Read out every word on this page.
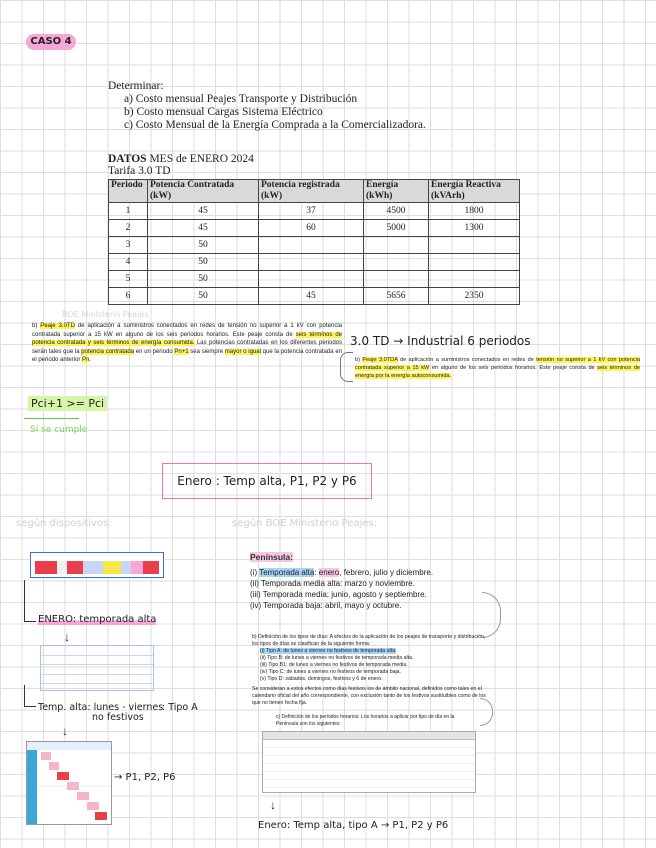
CASO 4
Determinar:
a) Costo mensual Peajes Transporte y Distribución
b) Costo mensual Cargas Sistema Eléctrico
c) Costo Mensual de la Energía Comprada a la Comercializadora.
DATOS MES de ENERO 2024
Tarifa 3.0 TD
Periodo	Potencia Contratada (kW)	Potencia registrada (kW)	Energía (kWh)	Energía Reactiva (kVArh)
1	45	37	4500	1800
2	45	60	5000	1300
3	50			
4	50			
5	50			
6	50	45	5656	2350
BOE Ministerio Peajes
b) Peaje 3.0TD de aplicación a suministros conectados en redes de tensión no superior a 1 kV con potencia contratada superior a 15 kW en alguno de los seis periodos horarios. Este peaje consta de seis términos de potencia contratada y seis términos de energía consumida. Las potencias contratadas en los diferentes periodos serán tales que la potencia contratada en un periodo Pn+1 sea siempre mayor o igual que la potencia contratada en el periodo anterior Pn.
3.0 TD → Industrial 6 periodos
b) Peaje 3.0TDA de aplicación a suministros conectados en redes de tensión no superior a 1 kV con potencia contratada superior a 15 kW en alguno de los seis periodos horarios. Este peaje consta de seis términos de energía por la energía autoconsumida.
Pci+1 >= Pci
Sí se cumple
Enero : Temp alta, P1, P2 y P6
según dispositivos:	según BOE Ministerio Peajes:
ENERO: temporada alta
↓
Temp. alta: lunes - viernes
no festivos
: Tipo A
↓
→ P1, P2, P6
Península:
(i) Temporada alta: enero, febrero, julio y diciembre.
(ii) Temporada media alta: marzo y noviembre.
(iii) Temporada media: junio, agosto y septiembre.
(iv) Temporada baja: abril, mayo y octubre.
b) Definición de los tipos de días: A efectos de la aplicación de los peajes de transporte y distribución, los tipos de días se clasifican de la siguiente forma:
(i) Tipo A: de lunes a viernes no festivos de temporada alta.
(ii) Tipo B: de lunes a viernes no festivos de temporada media alta.
(iii) Tipo B1: de lunes a viernes no festivos de temporada media.
(iv) Tipo C: de lunes a viernes no festivos de temporada baja.
(v) Tipo D: sábados, domingos, festivos y 6 de enero.
Se consideran a estos efectos como días festivos los de ámbito nacional, definidos como tales en el calendario oficial del año correspondiente, con exclusión tanto de los festivos sustituibles como de los que no tienen fecha fija.
c) Definición de los periodos horarios: Los horarios a aplicar por tipo de día en la Península son los siguientes:
↓
Enero: Temp alta, tipo A → P1, P2 y P6
